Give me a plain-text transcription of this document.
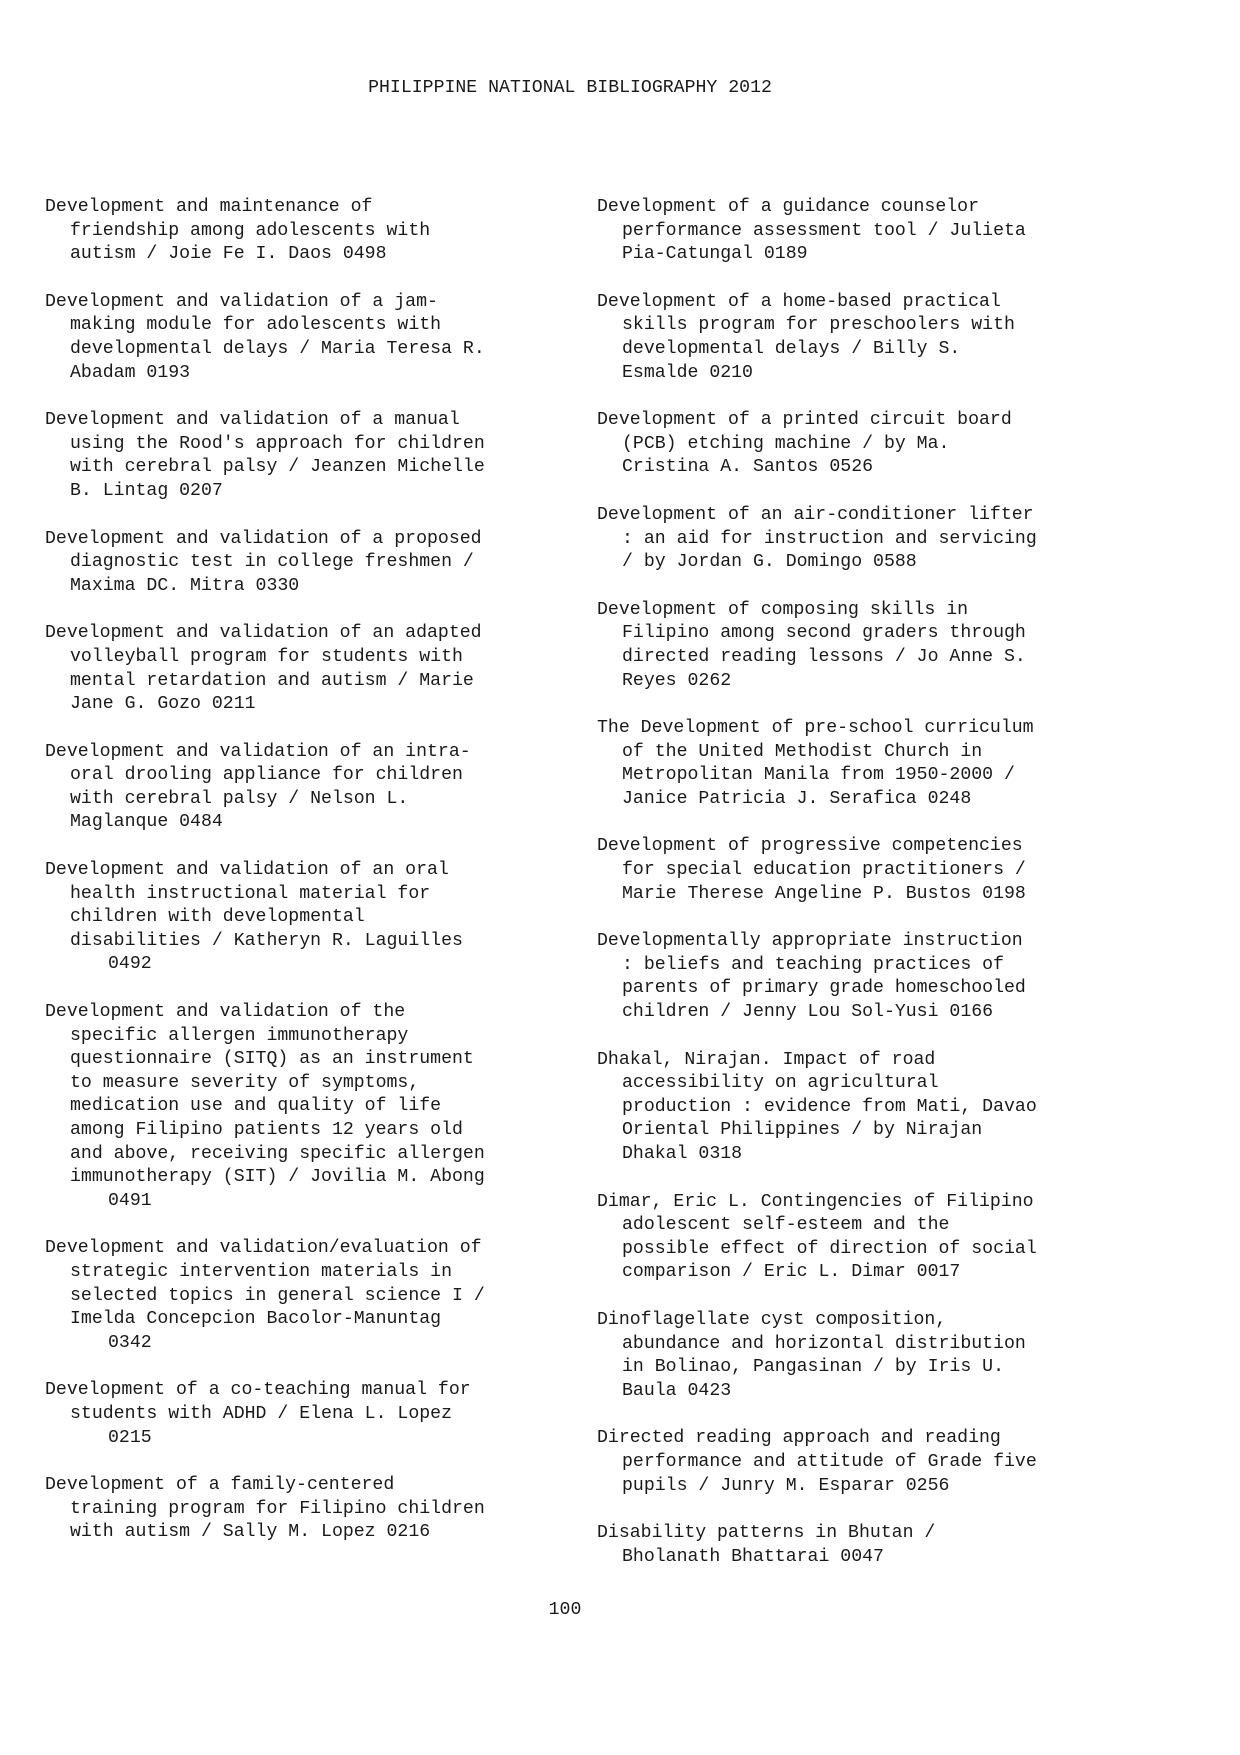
PHILIPPINE NATIONAL BIBLIOGRAPHY 2012
Development and maintenance of
friendship among adolescents with
autism / Joie Fe I. Daos 0498
Development and validation of a jam-
making module for adolescents with
developmental delays / Maria Teresa R.
Abadam 0193
Development and validation of a manual
using the Rood's approach for children
with cerebral palsy / Jeanzen Michelle
B. Lintag 0207
Development and validation of a proposed
diagnostic test in college freshmen /
Maxima DC. Mitra 0330
Development and validation of an adapted
volleyball program for students with
mental retardation and autism / Marie
Jane G. Gozo 0211
Development and validation of an intra-
oral drooling appliance for children
with cerebral palsy / Nelson L.
Maglanque 0484
Development and validation of an oral
health instructional material for
children with developmental
disabilities / Katheryn R. Laguilles
0492
Development and validation of the
specific allergen immunotherapy
questionnaire (SITQ) as an instrument
to measure severity of symptoms,
medication use and quality of life
among Filipino patients 12 years old
and above, receiving specific allergen
immunotherapy (SIT) / Jovilia M. Abong
0491
Development and validation/evaluation of
strategic intervention materials in
selected topics in general science I /
Imelda Concepcion Bacolor-Manuntag
0342
Development of a co-teaching manual for
students with ADHD / Elena L. Lopez
0215
Development of a family-centered
training program for Filipino children
with autism / Sally M. Lopez 0216
Development of a guidance counselor
performance assessment tool / Julieta
Pia-Catungal 0189
Development of a home-based practical
skills program for preschoolers with
developmental delays / Billy S.
Esmalde 0210
Development of a printed circuit board
(PCB) etching machine / by Ma.
Cristina A. Santos 0526
Development of an air-conditioner lifter
: an aid for instruction and servicing
/ by Jordan G. Domingo 0588
Development of composing skills in
Filipino among second graders through
directed reading lessons / Jo Anne S.
Reyes 0262
The Development of pre-school curriculum
of the United Methodist Church in
Metropolitan Manila from 1950-2000 /
Janice Patricia J. Serafica 0248
Development of progressive competencies
for special education practitioners /
Marie Therese Angeline P. Bustos 0198
Developmentally appropriate instruction
: beliefs and teaching practices of
parents of primary grade homeschooled
children / Jenny Lou Sol-Yusi 0166
Dhakal, Nirajan. Impact of road
accessibility on agricultural
production : evidence from Mati, Davao
Oriental Philippines / by Nirajan
Dhakal 0318
Dimar, Eric L. Contingencies of Filipino
adolescent self-esteem and the
possible effect of direction of social
comparison / Eric L. Dimar 0017
Dinoflagellate cyst composition,
abundance and horizontal distribution
in Bolinao, Pangasinan / by Iris U.
Baula 0423
Directed reading approach and reading
performance and attitude of Grade five
pupils / Junry M. Esparar 0256
Disability patterns in Bhutan /
Bholanath Bhattarai 0047
100
